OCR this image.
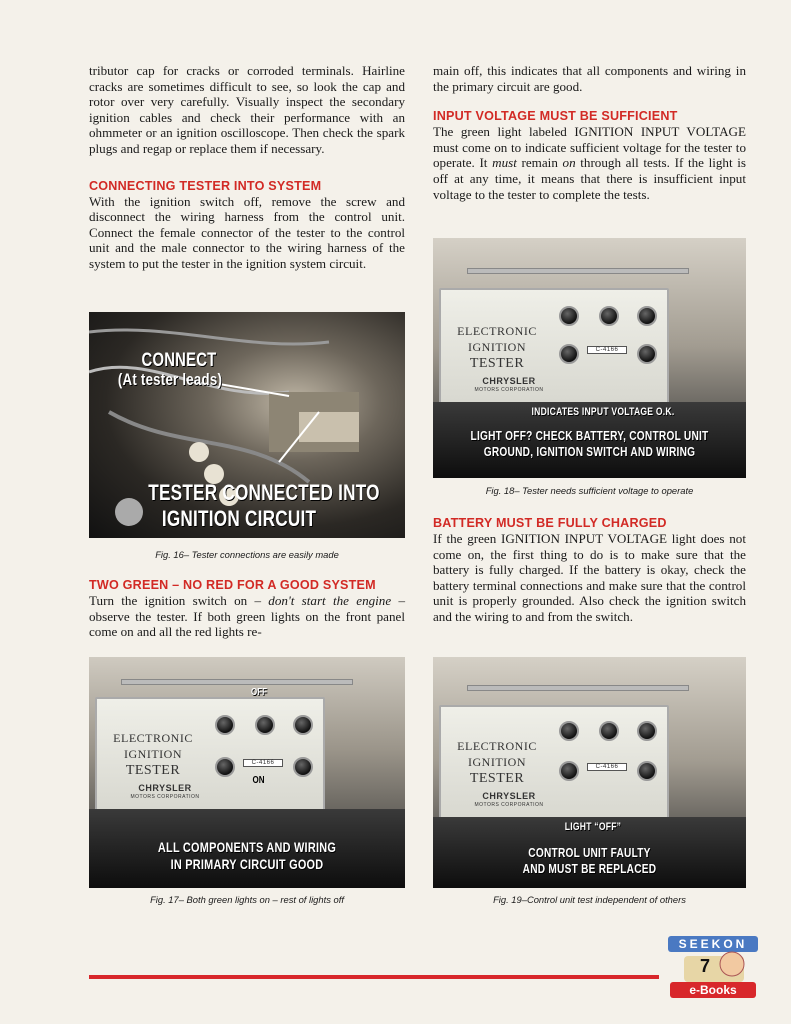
tributor cap for cracks or corroded terminals. Hairline cracks are sometimes difficult to see, so look the cap and rotor over very carefully. Visually inspect the secondary ignition cables and check their performance with an ohmmeter or an ignition oscilloscope. Then check the spark plugs and regap or replace them if necessary.

CONNECTING TESTER INTO SYSTEM

With the ignition switch off, remove the screw and disconnect the wiring harness from the control unit. Connect the female connector of the tester to the control unit and the male connector to the wiring harness of the system to put the tester in the ignition system circuit.

CONNECT
(At tester leads)
TESTER CONNECTED INTO
IGNITION CIRCUIT
Fig. 16– Tester connections are easily made
TWO GREEN – NO RED FOR A GOOD SYSTEM

Turn the ignition switch on – don't start the engine – observe the tester. If both green lights on the front panel come on and all the red lights re-

ELECTRONIC
IGNITION
TESTER
CHRYSLER
MOTORS CORPORATION
C-4166
OFF
ON
ALL COMPONENTS AND WIRING
IN PRIMARY CIRCUIT GOOD
Fig. 17– Both green lights on – rest of lights off

main off, this indicates that all components and wiring in the primary circuit are good.

INPUT VOLTAGE MUST BE SUFFICIENT

The green light labeled IGNITION INPUT VOLTAGE must come on to indicate sufficient voltage for the tester to operate. It must remain on through all tests. If the light is off at any time, it means that there is insufficient input voltage to the tester to complete the tests.

ELECTRONIC
IGNITION
TESTER
CHRYSLER
MOTORS CORPORATION
C-4166
INDICATES INPUT VOLTAGE O.K.
LIGHT OFF? CHECK BATTERY, CONTROL UNIT
GROUND, IGNITION SWITCH AND WIRING
Fig. 18– Tester needs sufficient voltage to operate
BATTERY MUST BE FULLY CHARGED

If the green IGNITION INPUT VOLTAGE light does not come on, the first thing to do is to make sure that the battery is fully charged. If the battery is okay, check the battery terminal connections and make sure that the control unit is properly grounded. Also check the ignition switch and the wiring to and from the switch.

ELECTRONIC
IGNITION
TESTER
CHRYSLER
MOTORS CORPORATION
C-4166
LIGHT “OFF”
CONTROL UNIT FAULTY
AND MUST BE REPLACED
Fig. 19–Control unit test independent of others
SEEKON
7
e-Books
